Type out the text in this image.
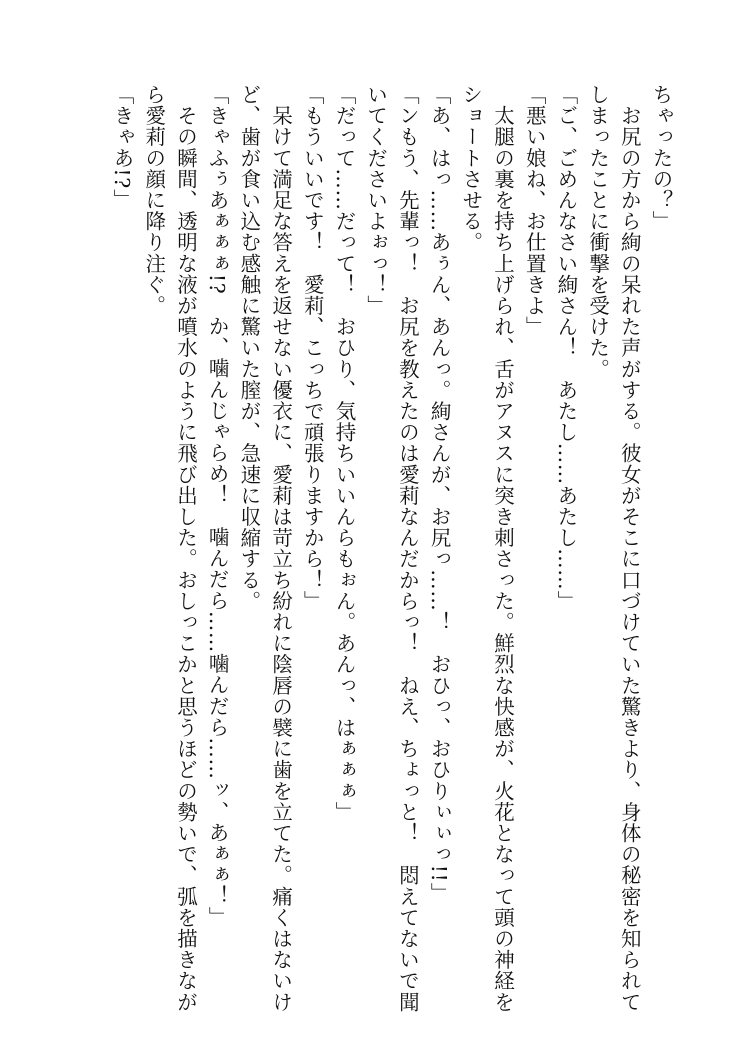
ちゃったの？」
　お尻の方から絢の呆れた声がする。彼女がそこに口づけていた驚きより、身体の秘密を知られて
しまったことに衝撃を受けた。
「ご、ごめんなさい絢さん！　あたし……あたし……」
「悪い娘ね、お仕置きよ」
　太腿の裏を持ち上げられ、舌がアヌスに突き刺さった。鮮烈な快感が、火花となって頭の神経を
ショートさせる。
「あ、はっ……あぅん、あんっ。絢さんが、お尻っ……！　おひっ、おひりぃぃっ!!」
「ンもう、先輩っ！　お尻を教えたのは愛莉なんだからっ！　ねえ、ちょっと！　悶えてないで聞
いてくださいよぉっ！」
「だって……だって！　おひり、気持ちいいんらもぉん。あんっ、はぁぁぁ」
「もういいです！　愛莉、こっちで頑張りますから！」
　呆けて満足な答えを返せない優衣に、愛莉は苛立ち紛れに陰唇の襞に歯を立てた。痛くはないけ
ど、歯が食い込む感触に驚いた膣が、急速に収縮する。
「きゃふぅあぁぁぁ!?　か、噛んじゃらめ！　噛んだら……噛んだら……ッ、あぁぁ！」
　その瞬間、透明な液が噴水のように飛び出した。おしっこかと思うほどの勢いで、弧を描きなが
ら愛莉の顔に降り注ぐ。
「きゃあ!?」
